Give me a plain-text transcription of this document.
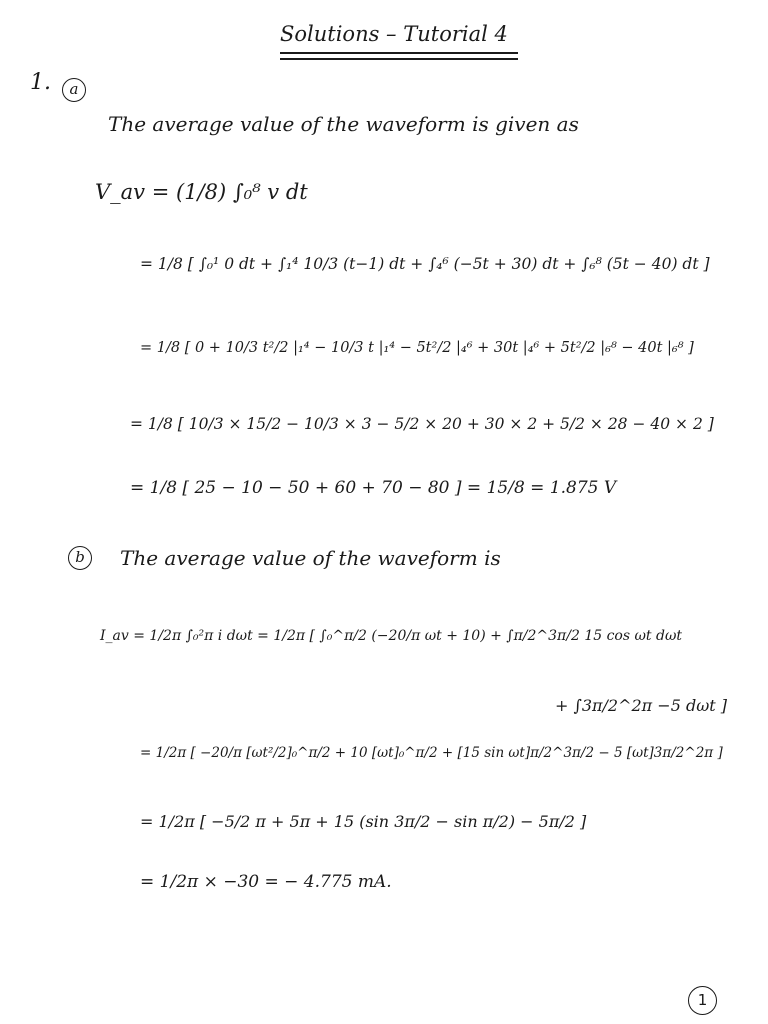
Solutions – Tutorial 4
1.	a
The average value of the waveform is given as
V_av = (1/8) ∫₀⁸ v dt
= 1/8 [ ∫₀¹ 0 dt + ∫₁⁴ 10/3 (t−1) dt + ∫₄⁶ (−5t + 30) dt + ∫₆⁸ (5t − 40) dt ]
= 1/8 [ 0 + 10/3 t²/2 |₁⁴ − 10/3 t |₁⁴ − 5t²/2 |₄⁶ + 30t |₄⁶ + 5t²/2 |₆⁸ − 40t |₆⁸ ]
= 1/8 [ 10/3 × 15/2 − 10/3 × 3 − 5/2 × 20 + 30 × 2 + 5/2 × 28 − 40 × 2 ]
= 1/8 [ 25 − 10 − 50 + 60 + 70 − 80 ] = 15/8 = 1.875 V
b	The average value of the waveform is
I_av = 1/2π ∫₀²π i dωt = 1/2π [ ∫₀^π/2 (−20/π ωt + 10) + ∫π/2^3π/2 15 cos ωt dωt
+ ∫3π/2^2π −5 dωt ]
= 1/2π [ −20/π [ωt²/2]₀^π/2 + 10 [ωt]₀^π/2 + [15 sin ωt]π/2^3π/2 − 5 [ωt]3π/2^2π ]
= 1/2π [ −5/2 π + 5π + 15 (sin 3π/2 − sin π/2) − 5π/2 ]
= 1/2π × −30 = − 4.775 mA.
1
